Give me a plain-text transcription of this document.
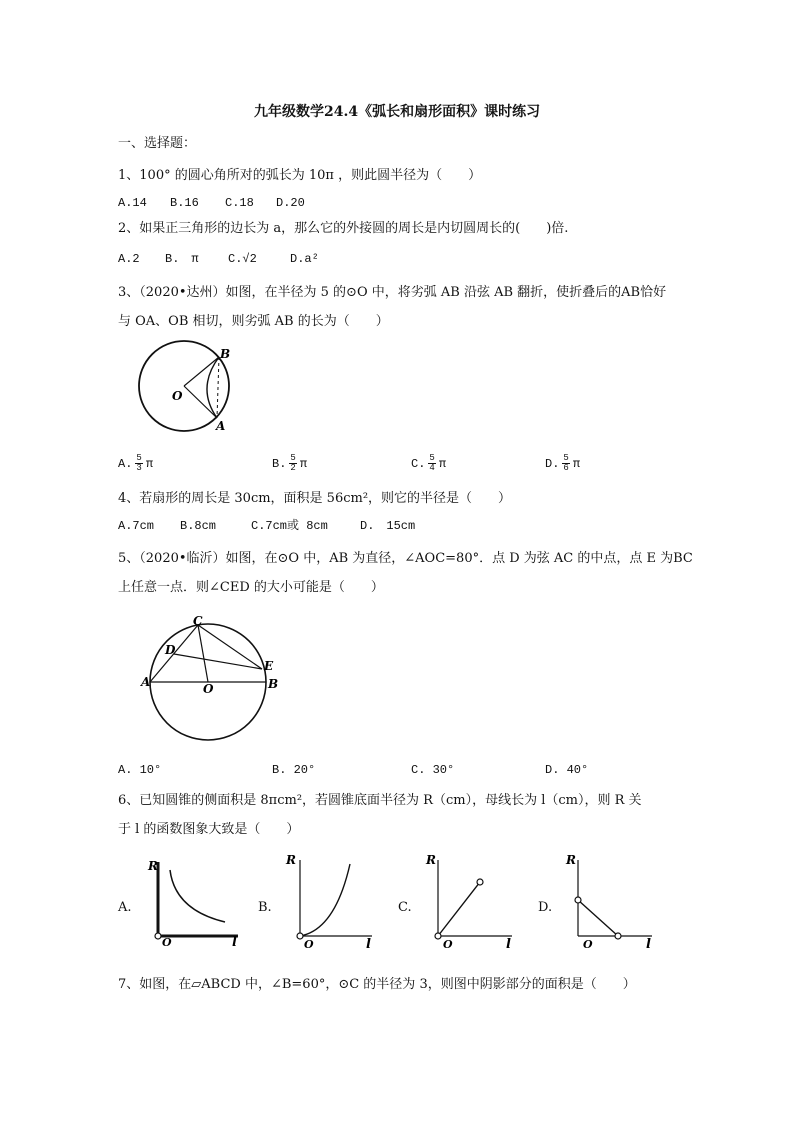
九年级数学24.4《弧长和扇形面积》课时练习
一、选择题：
1、100° 的圆心角所对的弧长为 10π ，则此圆半径为（　　）
A.14 B.16 C.18 D.20
2、如果正三角形的边长为 a，那么它的外接圆的周长是内切圆周长的(　　)倍.
A.2 B.　π C.√2	D.a²
3、（2020•达州）如图，在半径为 5 的⊙O 中，将劣弧 AB 沿弦 AB 翻折，使折叠后的AB恰好
与 OA、OB 相切，则劣弧 AB 的长为（　　）
O
B
A
A. $\frac{5}{3}$ π	B. $\frac{5}{2}$ π	C. $\frac{5}{4}$ π	D. $\frac{5}{6}$ π
4、若扇形的周长是 30cm，面积是 56cm²，则它的半径是（　　）
A.7cm B.8cm	C.7cm或 8cm	D.　15cm
5、（2020•临沂）如图，在⊙O 中，AB 为直径，∠AOC=80°．点 D 为弦 AC 的中点，点 E 为BC
上任意一点．则∠CED 的大小可能是（　　）
C
D
E
A	B
O
A. 10°	B. 20°	C. 30°	D. 40°
6、已知圆锥的侧面积是 8πcm²，若圆锥底面半径为 R（cm），母线长为 l（cm），则 R 关
于 l 的函数图象大致是（　　）
A.
R
l
O
B.
R
l
O
C.
R
l
O
D.
R
l
O
7、如图，在▱ABCD 中，∠B=60°，⊙C 的半径为 3，则图中阴影部分的面积是（　　）
